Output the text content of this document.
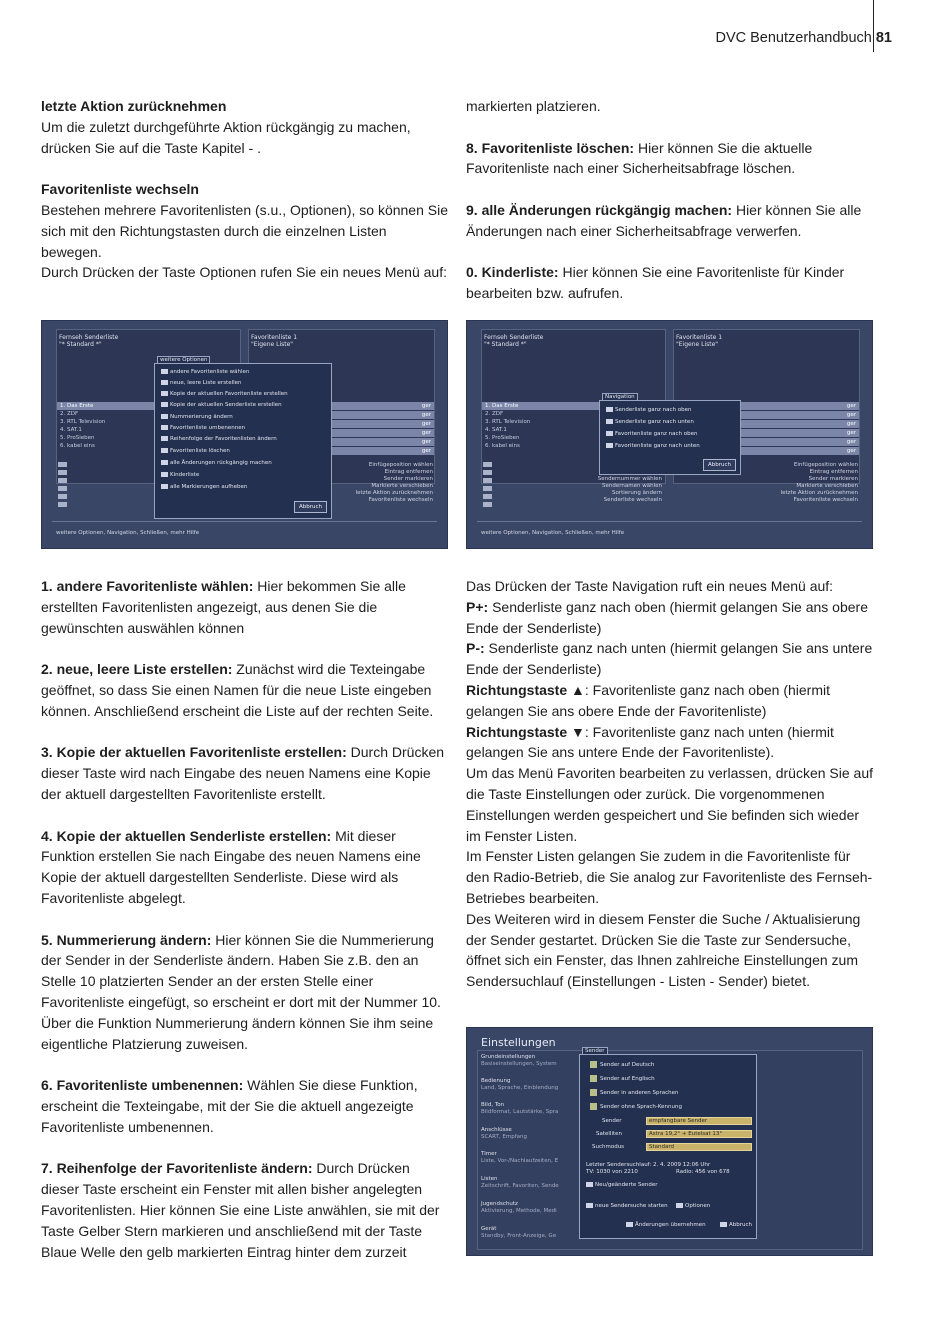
DVC Benutzerhandbuch 81

letzte Aktion zurücknehmen

Um die zuletzt durchgeführte Aktion rückgängig zu machen, drücken Sie auf die Taste Kapitel - .

Favoritenliste wechseln

Bestehen mehrere Favoritenlisten (s.u., Optionen), so können Sie sich mit den Richtungstasten durch die einzelnen Listen bewegen.

Durch Drücken der Taste Optionen rufen Sie ein neues Menü auf:

markierten platzieren.

8. Favoritenliste löschen: Hier können Sie die aktuelle Favoritenliste nach einer Sicherheitsabfrage löschen.

9. alle Änderungen rückgängig machen: Hier können Sie alle Änderungen nach einer Sicherheitsabfrage verwerfen.

0. Kinderliste: Hier können Sie eine Favoritenliste für Kinder bearbeiten bzw. aufrufen.

Fernseh Senderliste
"* Standard *"
Favoritenliste 1
"Eigene Liste"
1. Das Erste
2. ZDF
3. RTL Television
4. SAT.1
5. ProSieben
6. kabel eins
ger
ger
ger
ger
ger
ger
Einfügeposition wählen
Eintrag entfernen
Sender markieren
Markierte verschieben
letzte Aktion zurücknehmen
Favoritenliste wechseln
weitere Optionen
andere Favoritenliste wählen
neue, leere Liste erstellen
Kopie der aktuellen Favoritenliste erstellen
Kopie der aktuellen Senderliste erstellen
Nummerierung ändern
Favoritenliste umbenennen
Reihenfolge der Favoritenlisten ändern
Favoritenliste löschen
alle Änderungen rückgängig machen
Kinderliste
alle Markierungen aufheben
Abbruch
weitere Optionen, Navigation, Schließen, mehr Hilfe
Fernseh Senderliste
"* Standard *"
Favoritenliste 1
"Eigene Liste"
1. Das Erste
2. ZDF
3. RTL Television
4. SAT.1
5. ProSieben
6. kabel eins
ger
ger
ger
ger
ger
ger
Sendernummer wählen
Sendernamen wählen
Sortierung ändern
Senderliste wechseln
Einfügeposition wählen
Eintrag entfernen
Sender markieren
Markierte verschieben
letzte Aktion zurücknehmen
Favoritenliste wechseln
Navigation
Senderliste ganz nach oben
Senderliste ganz nach unten
Favoritenliste ganz nach oben
Favoritenliste ganz nach unten
Abbruch
weitere Optionen, Navigation, Schließen, mehr Hilfe

1. andere Favoritenliste wählen: Hier bekommen Sie alle erstellten Favoritenlisten angezeigt, aus denen Sie die gewünschten auswählen können

2. neue, leere Liste erstellen: Zunächst wird die Texteingabe geöffnet, so dass Sie einen Namen für die neue Liste eingeben können. Anschließend erscheint die Liste auf der rechten Seite.

3. Kopie der aktuellen Favoritenliste erstellen: Durch Drücken dieser Taste wird nach Eingabe des neuen Namens eine Kopie der aktuell dargestellten Favoritenliste erstellt.

4. Kopie der aktuellen Senderliste erstellen: Mit dieser Funktion erstellen Sie nach Eingabe des neuen Namens eine Kopie der aktuell dargestellten Senderliste. Diese wird als Favoritenliste abgelegt.

5. Nummerierung ändern: Hier können Sie die Nummerierung der Sender in der Senderliste ändern. Haben Sie z.B. den an Stelle 10 platzierten Sender an der ersten Stelle einer Favoritenliste eingefügt, so erscheint er dort mit der Nummer 10. Über die Funktion Nummerierung ändern können Sie ihm seine eigentliche Platzierung zuweisen.

6. Favoritenliste umbenennen: Wählen Sie diese Funktion, erscheint die Texteingabe, mit der Sie die aktuell angezeigte Favoritenliste umbenennen.

7. Reihenfolge der Favoritenliste ändern: Durch Drücken dieser Taste erscheint ein Fenster mit allen bisher angelegten Favoritenlisten. Hier können Sie eine Liste anwählen, sie mit der Taste Gelber Stern markieren und anschließend mit der Taste Blaue Welle den gelb markierten Eintrag hinter dem zurzeit

Das Drücken der Taste Navigation ruft ein neues Menü auf:

P+: Senderliste ganz nach oben (hiermit gelangen Sie ans obere Ende der Senderliste)

P-: Senderliste ganz nach unten (hiermit gelangen Sie ans untere Ende der Senderliste)

Richtungstaste ▲: Favoritenliste ganz nach oben (hiermit gelangen Sie ans obere Ende der Favoritenliste)

Richtungstaste ▼: Favoritenliste ganz nach unten (hiermit gelangen Sie ans untere Ende der Favoritenliste).

Um das Menü Favoriten bearbeiten zu verlassen, drücken Sie auf die Taste Einstellungen oder zurück. Die vorgenommenen Einstellungen werden gespeichert und Sie befinden sich wieder im Fenster Listen.

Im Fenster Listen gelangen Sie zudem in die Favoritenliste für den Radio-Betrieb, die Sie analog zur Favoritenliste des Fernseh-Betriebes bearbeiten.

Des Weiteren wird in diesem Fenster die Suche / Aktualisierung der Sender gestartet. Drücken Sie die Taste zur Sendersuche, öffnet sich ein Fenster, das Ihnen zahlreiche Einstellungen zum Sendersuchlauf (Einstellungen - Listen - Sender) bietet.

Einstellungen
Grundeinstellungen
Basiseinstellungen, System
Bedienung
Land, Sprache, Einblendung
Bild, Ton
Bildformat, Lautstärke, Spra
Anschlüsse
SCART, Empfang
Timer
Liste, Vor-/Nachlaufzeiten, E
Listen
Zeitschrift, Favoriten, Sende
Jugendschutz
Aktivierung, Methode, Medi
Gerät
Standby, Front-Anzeige, Ge
Sender
Sender auf Deutsch
Sender auf Englisch
Sender in anderen Sprachen
Sender ohne Sprach-Kennung
Sender	empfangbare Sender
Satelliten	Astra 19,2° + Eutelsat 13°
Suchmodus	Standard
Letzter Sendersuchlauf: 2. 4. 2009 12:06 Uhr
TV: 1030 von 2210	Radio: 456 von 678
Neu/geänderte Sender
neue Sendersuche starten	Optionen
Änderungen übernehmen	Abbruch
